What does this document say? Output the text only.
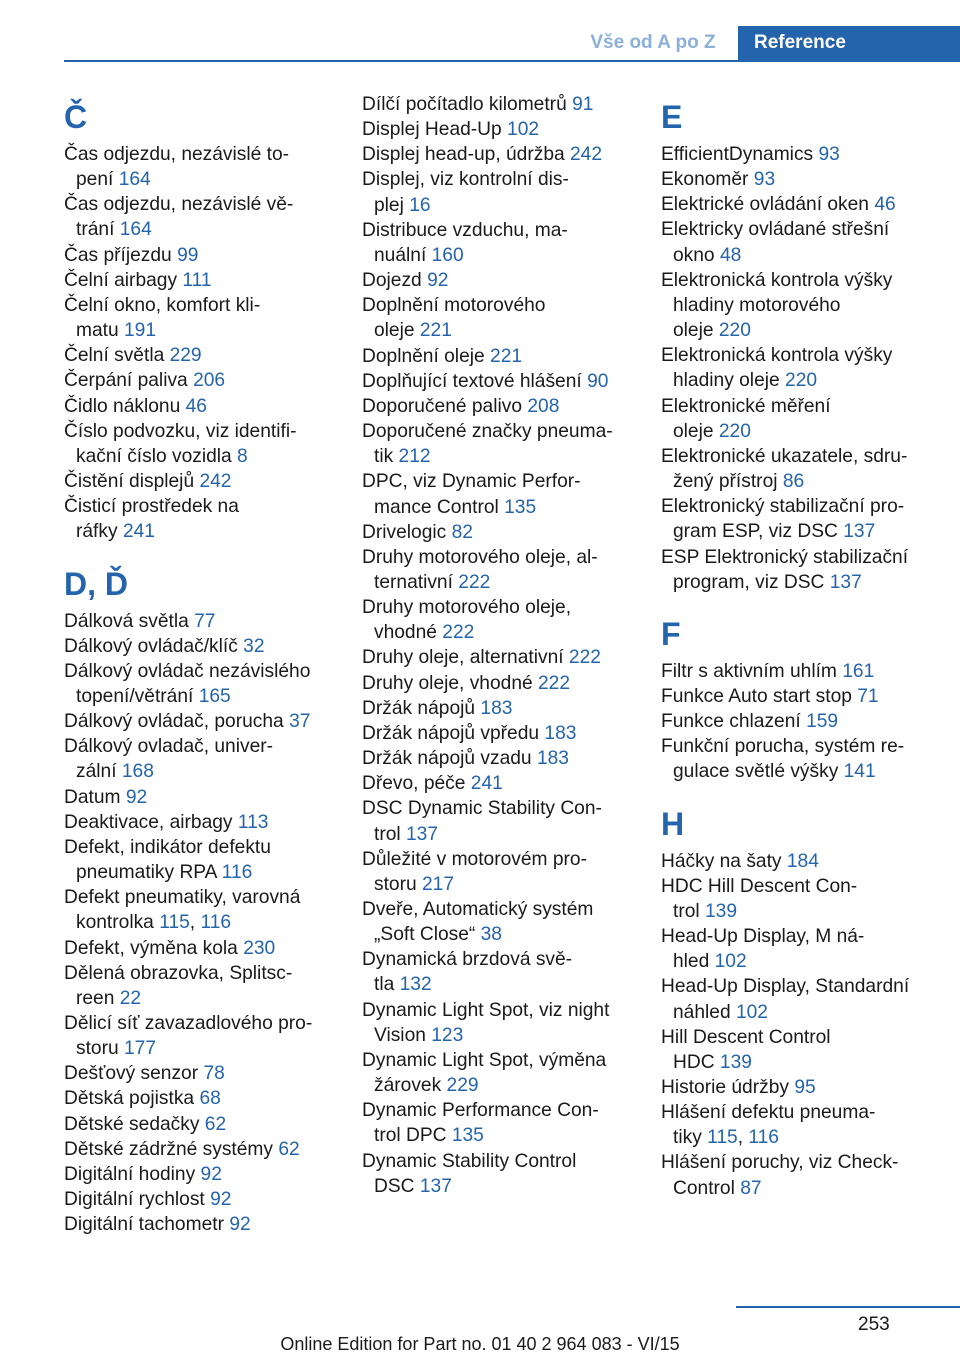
Vše od A po Z	Reference
Č
Čas odjezdu, nezávislé to-
pení 164
Čas odjezdu, nezávislé vě-
trání 164
Čas příjezdu 99
Čelní airbagy 111
Čelní okno, komfort kli-
matu 191
Čelní světla 229
Čerpání paliva 206
Čidlo náklonu 46
Číslo podvozku, viz identifi-
kační číslo vozidla 8
Čistění displejů 242
Čisticí prostředek na
ráfky 241
D, Ď
Dálková světla 77
Dálkový ovládač/klíč 32
Dálkový ovládač nezávislého
topení/větrání 165
Dálkový ovládač, porucha 37
Dálkový ovladač, univer-
zální 168
Datum 92
Deaktivace, airbagy 113
Defekt, indikátor defektu
pneumatiky RPA 116
Defekt pneumatiky, varovná
kontrolka 115, 116
Defekt, výměna kola 230
Dělená obrazovka, Splitsc-
reen 22
Dělicí síť zavazadlového pro-
storu 177
Dešťový senzor 78
Dětská pojistka 68
Dětské sedačky 62
Dětské zádržné systémy 62
Digitální hodiny 92
Digitální rychlost 92
Digitální tachometr 92
Dílčí počítadlo kilometrů 91
Displej Head-Up 102
Displej head-up, údržba 242
Displej, viz kontrolní dis-
plej 16
Distribuce vzduchu, ma-
nuální 160
Dojezd 92
Doplnění motorového
oleje 221
Doplnění oleje 221
Doplňující textové hlášení 90
Doporučené palivo 208
Doporučené značky pneuma-
tik 212
DPC, viz Dynamic Perfor-
mance Control 135
Drivelogic 82
Druhy motorového oleje, al-
ternativní 222
Druhy motorového oleje,
vhodné 222
Druhy oleje, alternativní 222
Druhy oleje, vhodné 222
Držák nápojů 183
Držák nápojů vpředu 183
Držák nápojů vzadu 183
Dřevo, péče 241
DSC Dynamic Stability Con-
trol 137
Důležité v motorovém pro-
storu 217
Dveře, Automatický systém
„Soft Close“ 38
Dynamická brzdová svě-
tla 132
Dynamic Light Spot, viz night
Vision 123
Dynamic Light Spot, výměna
žárovek 229
Dynamic Performance Con-
trol DPC 135
Dynamic Stability Control
DSC 137
E
EfficientDynamics 93
Ekonoměr 93
Elektrické ovládání oken 46
Elektricky ovládané střešní
okno 48
Elektronická kontrola výšky
hladiny motorového
oleje 220
Elektronická kontrola výšky
hladiny oleje 220
Elektronické měření
oleje 220
Elektronické ukazatele, sdru-
žený přístroj 86
Elektronický stabilizační pro-
gram ESP, viz DSC 137
ESP Elektronický stabilizační
program, viz DSC 137
F
Filtr s aktivním uhlím 161
Funkce Auto start stop 71
Funkce chlazení 159
Funkční porucha, systém re-
gulace světlé výšky 141
H
Háčky na šaty 184
HDC Hill Descent Con-
trol 139
Head-Up Display, M ná-
hled 102
Head-Up Display, Standardní
náhled 102
Hill Descent Control
HDC 139
Historie údržby 95
Hlášení defektu pneuma-
tiky 115, 116
Hlášení poruchy, viz Check-
Control 87
253
Online Edition for Part no. 01 40 2 964 083 - VI/15
